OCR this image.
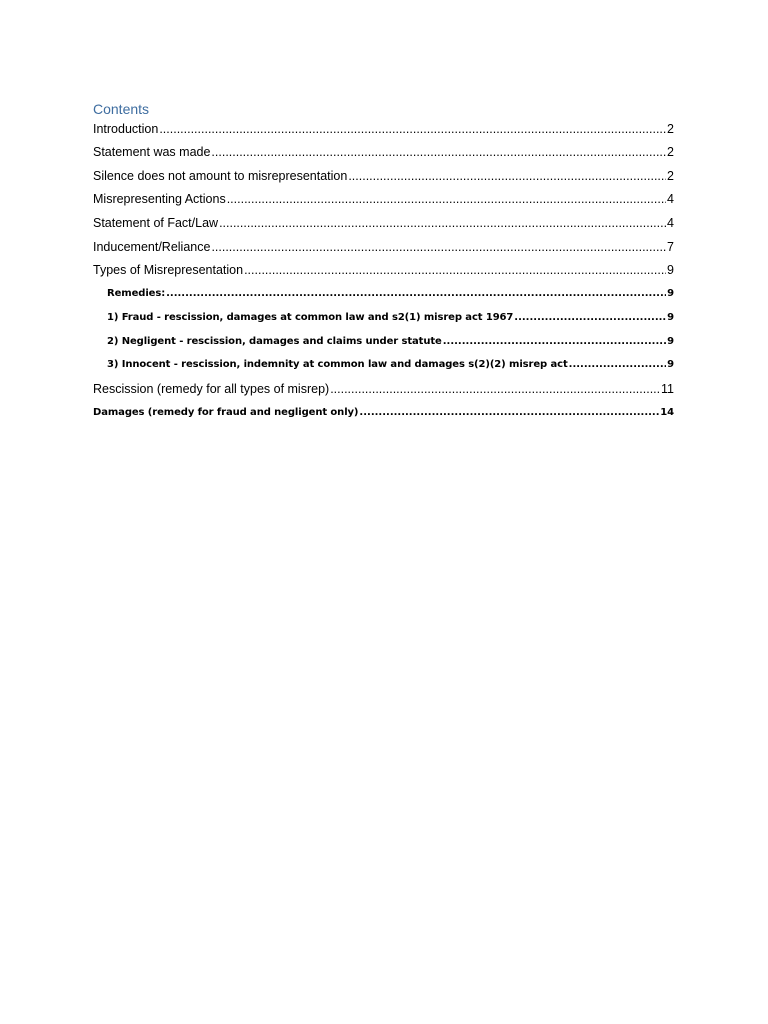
Contents
Introduction .....	2
Statement was made .....	2
Silence does not amount to misrepresentation .....	2
Misrepresenting Actions .....	4
Statement of Fact/Law .....	4
Inducement/Reliance .....	7
Types of Misrepresentation .....	9
Remedies: .....	9
1) Fraud - rescission, damages at common law and s2(1) misrep act 1967 .....	9
2) Negligent - rescission, damages and claims under statute .....	9
3) Innocent - rescission, indemnity at common law and damages s(2)(2) misrep act .....	9
Rescission (remedy for all types of misrep) .....	11
Damages (remedy for fraud and negligent only) .....	14
